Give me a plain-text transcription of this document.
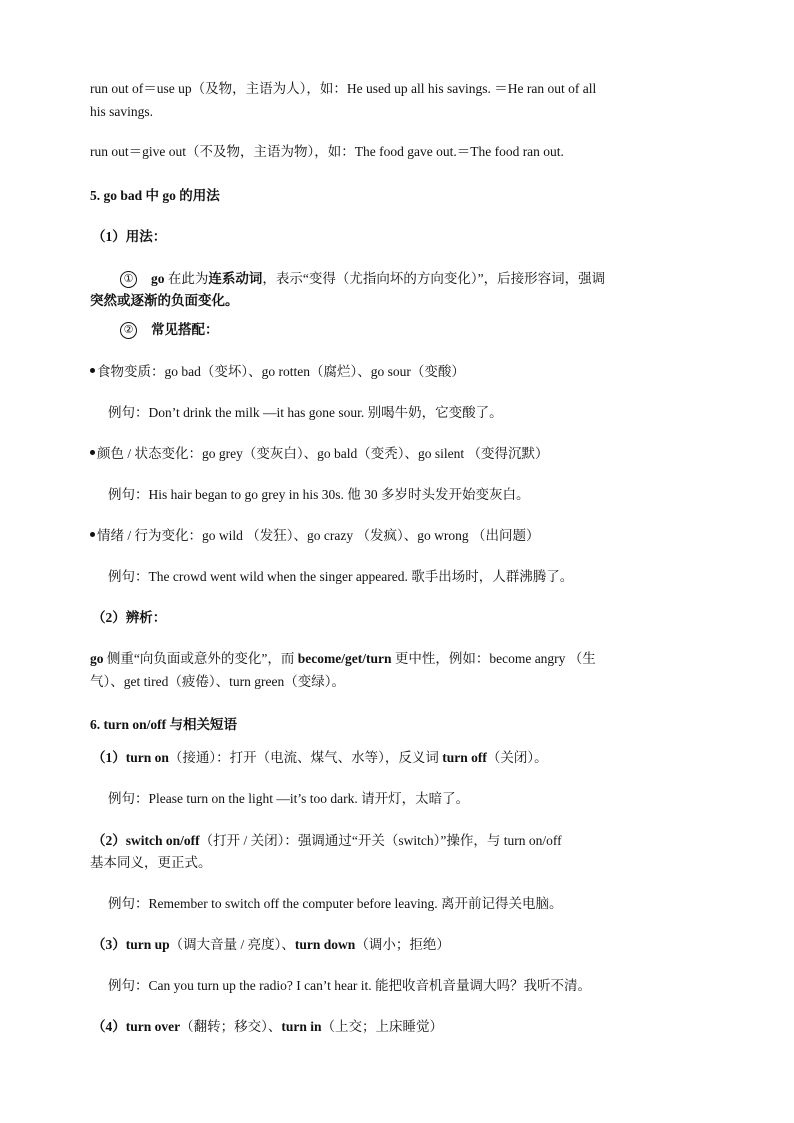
run out of＝use up（及物，主语为人），如：He used up all his savings. ＝He ran out of all
his savings.
run out＝give out（不及物，主语为物），如：The food gave out.＝The food ran out.
5. go bad 中 go 的用法
（1）用法：
① go 在此为连系动词，表示“变得（尤指向坏的方向变化）”，后接形容词，强调
突然或逐渐的负面变化。
② 常见搭配：
食物变质：go bad（变坏）、go rotten（腐烂）、go sour（变酸）
例句：Don’t drink the milk —it has gone sour. 别喝牛奶，它变酸了。
颜色 / 状态变化：go grey（变灰白）、go bald（变秃）、go silent （变得沉默）
例句：His hair began to go grey in his 30s. 他 30 多岁时头发开始变灰白。
情绪 / 行为变化：go wild （发狂）、go crazy （发疯）、go wrong （出问题）
例句：The crowd went wild when the singer appeared. 歌手出场时，人群沸腾了。
（2）辨析：
go 侧重“向负面或意外的变化”，而 become/get/turn 更中性，例如：become angry （生
气）、get tired（疲倦）、turn green（变绿）。
6. turn on/off 与相关短语
（1）turn on（接通）：打开（电流、煤气、水等），反义词 turn off（关闭）。
例句：Please turn on the light —it’s too dark. 请开灯，太暗了。
（2）switch on/off（打开 / 关闭）：强调通过“开关（switch）”操作，与 turn on/off
基本同义，更正式。
例句：Remember to switch off the computer before leaving. 离开前记得关电脑。
（3）turn up（调大音量 / 亮度）、turn down（调小；拒绝）
例句：Can you turn up the radio? I can’t hear it. 能把收音机音量调大吗？我听不清。
（4）turn over（翻转；移交）、turn in（上交；上床睡觉）
